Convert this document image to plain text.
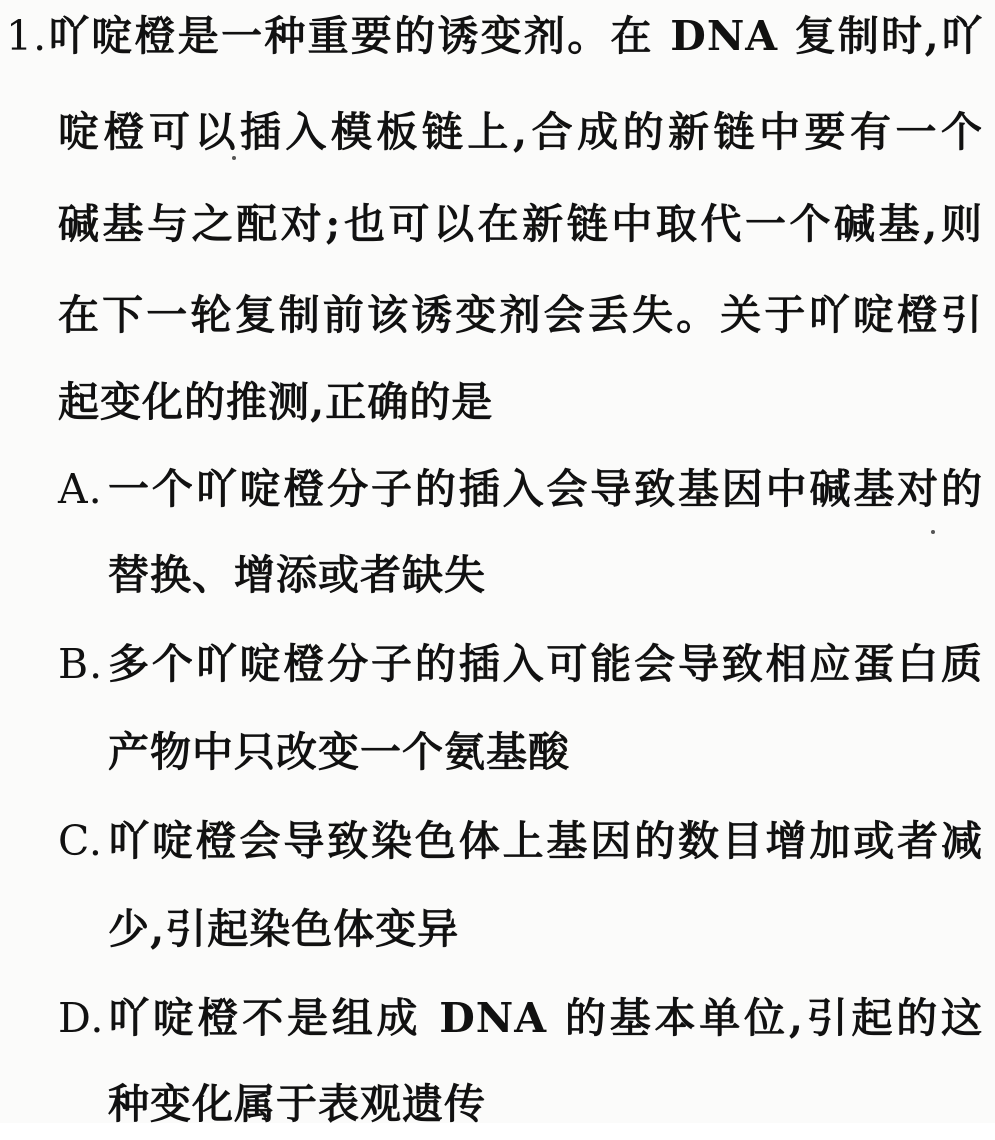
1. 吖啶橙是一种重要的诱变剂。在 DNA 复制时,吖
啶橙可以插入模板链上,合成的新链中要有一个
碱基与之配对;也可以在新链中取代一个碱基,则
在下一轮复制前该诱变剂会丢失。关于吖啶橙引
起变化的推测,正确的是
A. 一个吖啶橙分子的插入会导致基因中碱基对的
替换、增添或者缺失
B. 多个吖啶橙分子的插入可能会导致相应蛋白质
产物中只改变一个氨基酸
C. 吖啶橙会导致染色体上基因的数目增加或者减
少,引起染色体变异
D. 吖啶橙不是组成 DNA 的基本单位,引起的这
种变化属于表观遗传
